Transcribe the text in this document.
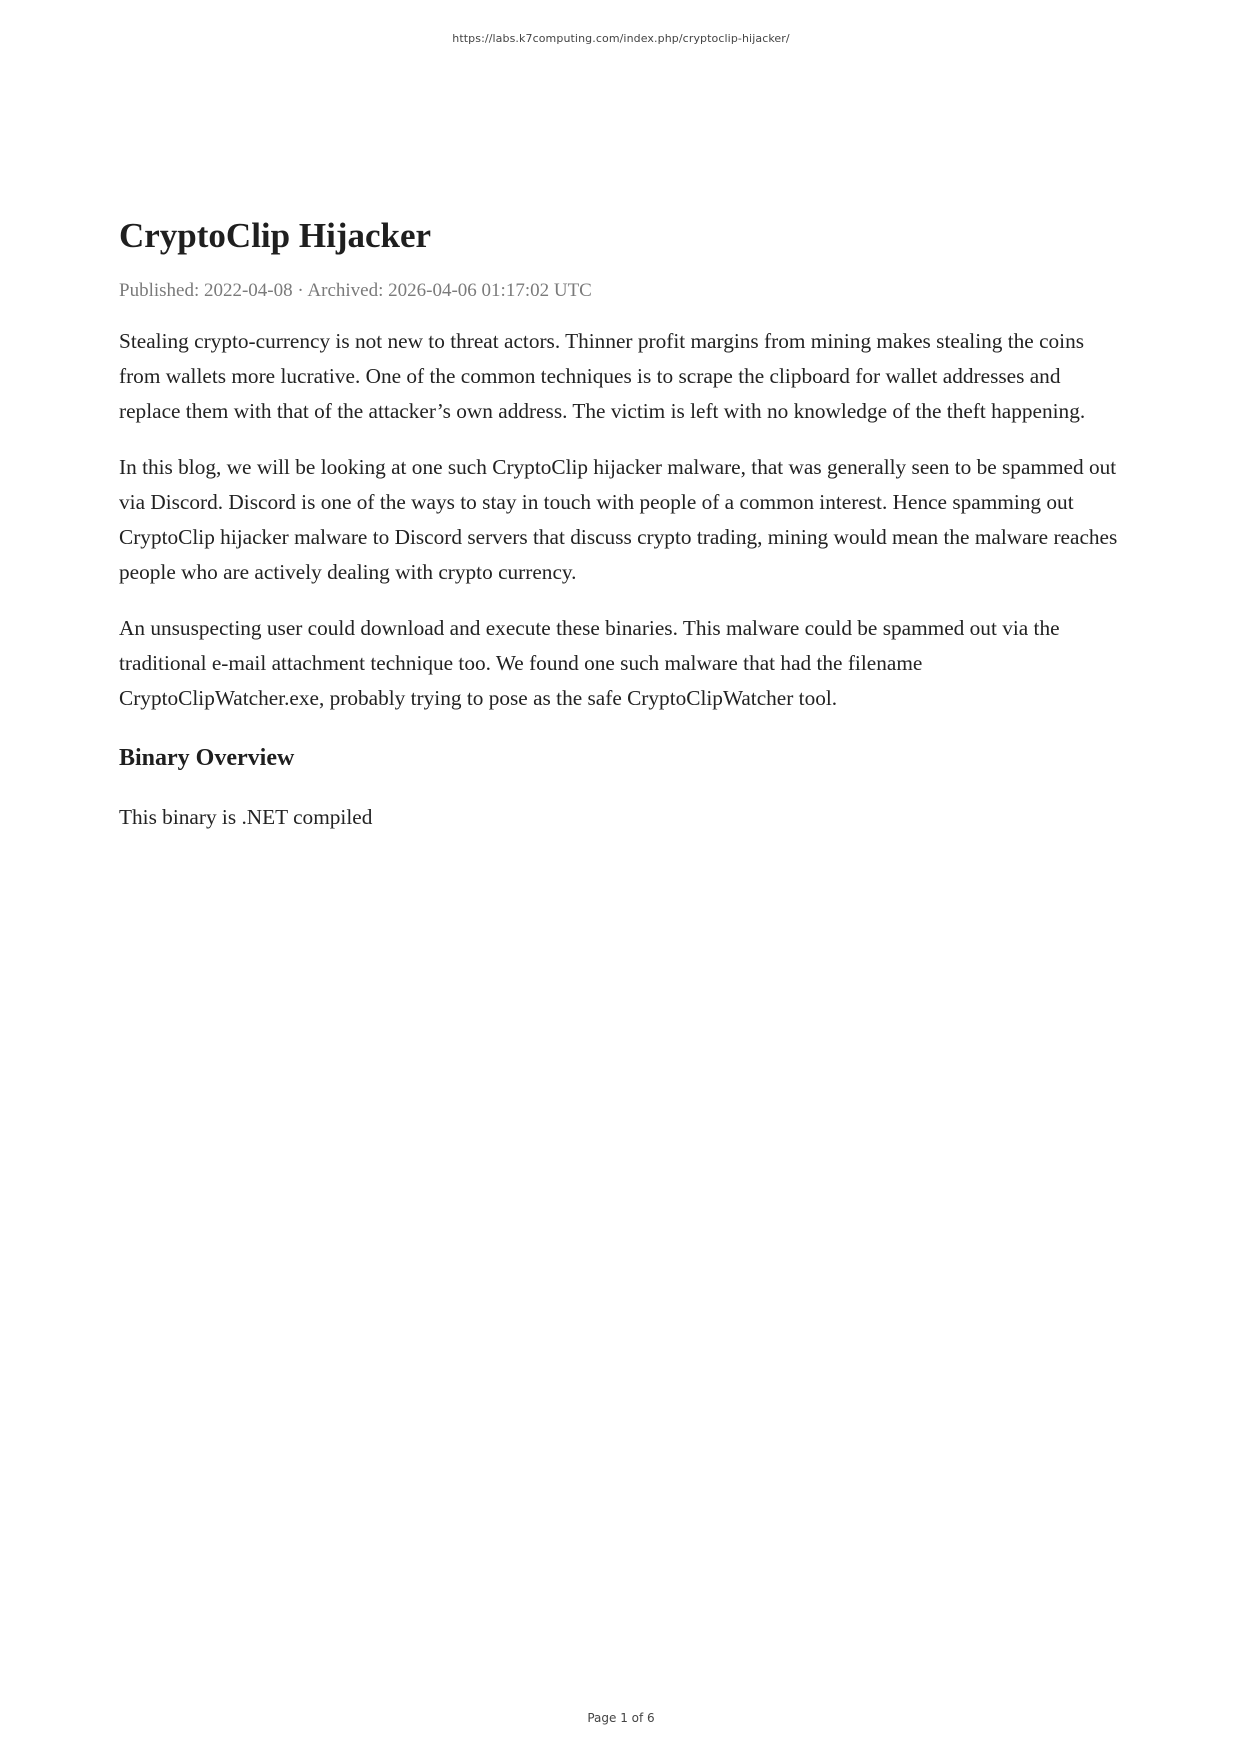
https://labs.k7computing.com/index.php/cryptoclip-hijacker/
CryptoClip Hijacker
Published: 2022-04-08 · Archived: 2026-04-06 01:17:02 UTC

Stealing crypto-currency is not new to threat actors. Thinner profit margins from mining makes stealing the coins from wallets more lucrative. One of the common techniques is to scrape the clipboard for wallet addresses and replace them with that of the attacker’s own address. The victim is left with no knowledge of the theft happening.

In this blog, we will be looking at one such CryptoClip hijacker malware, that was generally seen to be spammed out via Discord. Discord is one of the ways to stay in touch with people of a common interest. Hence spamming out CryptoClip hijacker malware to Discord servers that discuss crypto trading, mining would mean the malware reaches people who are actively dealing with crypto currency.

An unsuspecting user could download and execute these binaries. This malware could be spammed out via the traditional e-mail attachment technique too. We found one such malware that had the filename CryptoClipWatcher.exe, probably trying to pose as the safe CryptoClipWatcher tool.

Binary Overview

This binary is .NET compiled

Page 1 of 6
